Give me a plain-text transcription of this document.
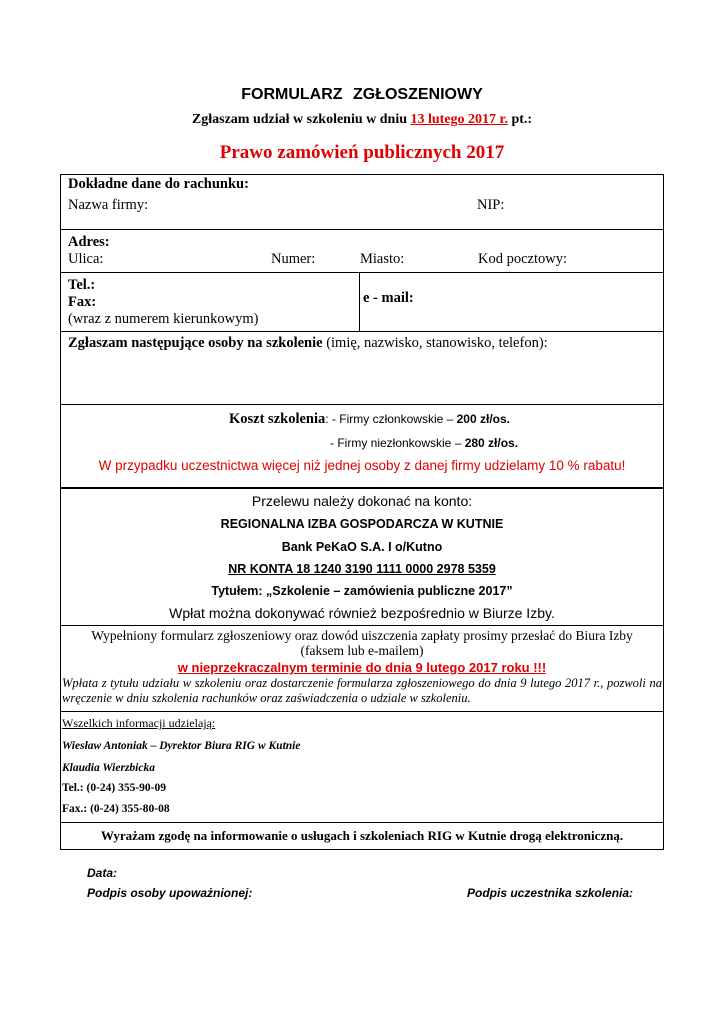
FORMULARZ ZGŁOSZENIOWY
Zgłaszam udział w szkoleniu w dniu 13 lutego 2017 r. pt.:
Prawo zamówień publicznych 2017
Dokładne dane do rachunku:
Nazwa firmy:	NIP:
Adres:
Ulica:	Numer:	Miasto:	Kod pocztowy:
Tel.:
Fax:
(wraz z numerem kierunkowym)
e - mail:
Zgłaszam następujące osoby na szkolenie (imię, nazwisko, stanowisko, telefon):
Koszt szkolenia: - Firmy członkowskie – 200 zł/os.
- Firmy niezłonkowskie – 280 zł/os.
W przypadku uczestnictwa więcej niż jednej osoby z danej firmy udzielamy 10 % rabatu!
Przelewu należy dokonać na konto:
REGIONALNA IZBA GOSPODARCZA W KUTNIE
Bank PeKaO S.A. I o/Kutno
NR KONTA 18 1240 3190 1111 0000 2978 5359
Tytułem: „Szkolenie – zamówienia publiczne 2017”
Wpłat można dokonywać również bezpośrednio w Biurze Izby.
Wypełniony formularz zgłoszeniowy oraz dowód uiszczenia zapłaty prosimy przesłać do Biura Izby
(faksem lub e-mailem)
w nieprzekraczalnym terminie do dnia 9 lutego 2017 roku !!!
Wpłata z tytułu udziału w szkoleniu oraz dostarczenie formularza zgłoszeniowego do dnia 9 lutego 2017 r., pozwoli na wręczenie w dniu szkolenia rachunków oraz zaświadczenia o udziale w szkoleniu.
Wszelkich informacji udzielają:
Wiesław Antoniak – Dyrektor Biura RIG w Kutnie
Klaudia Wierzbicka
Tel.: (0-24) 355-90-09
Fax.: (0-24) 355-80-08
Wyrażam zgodę na informowanie o usługach i szkoleniach RIG w Kutnie drogą elektroniczną.
Data:
Podpis osoby upoważnionej:	Podpis uczestnika szkolenia:
